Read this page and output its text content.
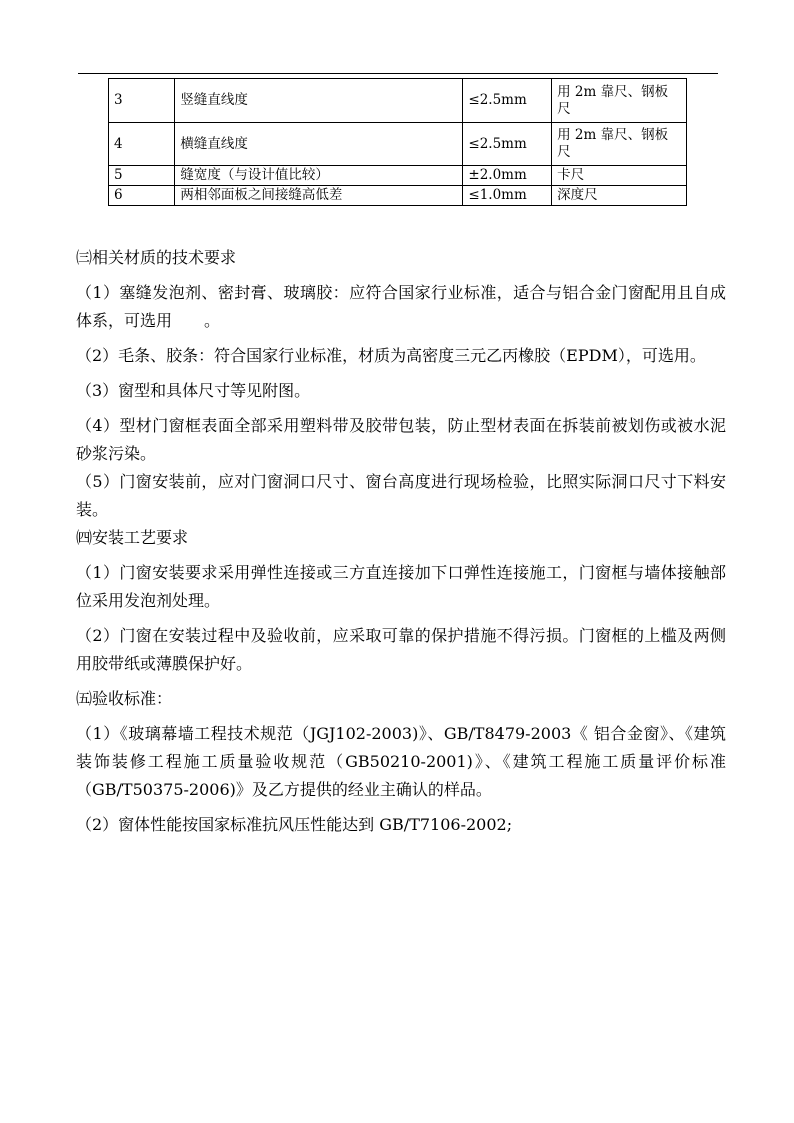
3	竖缝直线度	≤2.5mm	用 2m 靠尺、钢板尺
4	横缝直线度	≤2.5mm	用 2m 靠尺、钢板尺
5	缝宽度（与设计值比较）	±2.0mm	卡尺
6	两相邻面板之间接缝高低差	≤1.0mm	深度尺

㈢相关材质的技术要求

（1）塞缝发泡剂、密封膏、玻璃胶：应符合国家行业标准，适合与铝合金门窗配用且自成体系，可选用　　。

（2）毛条、胶条：符合国家行业标准，材质为高密度三元乙丙橡胶（EPDM），可选用。

（3）窗型和具体尺寸等见附图。

（4）型材门窗框表面全部采用塑料带及胶带包装，防止型材表面在拆装前被划伤或被水泥砂浆污染。

（5）门窗安装前，应对门窗洞口尺寸、窗台高度进行现场检验，比照实际洞口尺寸下料安装。

㈣安装工艺要求

（1）门窗安装要求采用弹性连接或三方直连接加下口弹性连接施工，门窗框与墙体接触部位采用发泡剂处理。

（2）门窗在安装过程中及验收前，应采取可靠的保护措施不得污损。门窗框的上槛及两侧用胶带纸或薄膜保护好。

㈤验收标准：

（1）《玻璃幕墙工程技术规范（JGJ102-2003)》、GB/T8479-2003《 铝合金窗》、《建筑装饰装修工程施工质量验收规范（GB50210-2001)》、《建筑工程施工质量评价标准（GB/T50375-2006)》及乙方提供的经业主确认的样品。

（2）窗体性能按国家标准抗风压性能达到 GB/T7106-2002;
